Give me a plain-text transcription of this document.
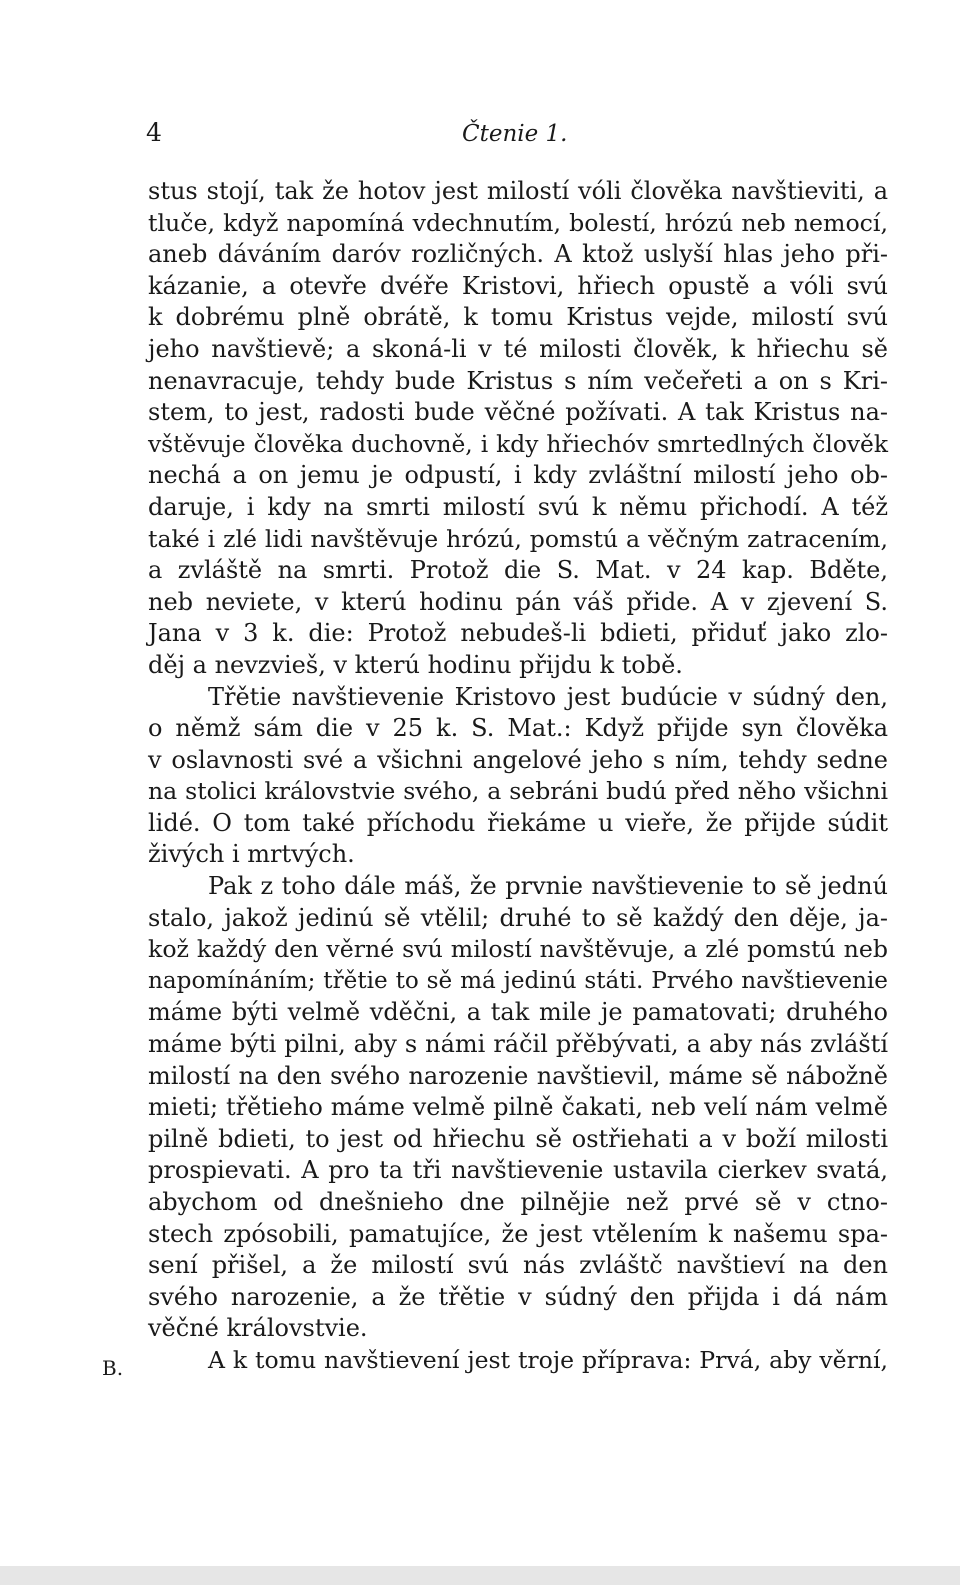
4	Čtenie 1.
B.
stus stojí, tak že hotov jest milostí vóli člověka navštieviti, a
tluče, když napomíná vdechnutím, bolestí, hrózú neb nemocí,
aneb dáváním daróv rozličných. A ktož uslyší hlas jeho při-
kázanie, a otevře dvéře Kristovi, hřiech opustě a vóli svú
k dobrému plně obrátě, k tomu Kristus vejde, milostí svú
jeho navštievě; a skoná-li v té milosti člověk, k hřiechu sě
nenavracuje, tehdy bude Kristus s ním večeřeti a on s Kri-
stem, to jest, radosti bude věčné požívati. A tak Kristus na-
vštěvuje člověka duchovně, i kdy hřiechóv smrtedlných člověk
nechá a on jemu je odpustí, i kdy zvláštní milostí jeho ob-
daruje, i kdy na smrti milostí svú k němu přichodí. A též
také i zlé lidi navštěvuje hrózú, pomstú a věčným zatracením,
a zvláště na smrti. Protož die S. Mat. v 24 kap. Bděte,
neb neviete, v kterú hodinu pán váš přide. A v zjevení S.
Jana v 3 k. die: Protož nebudeš-li bdieti, přiduť jako zlo-
děj a nevzvieš, v kterú hodinu přijdu k tobě.
Třětie navštievenie Kristovo jest budúcie v súdný den,
o němž sám die v 25 k. S. Mat.: Když přijde syn člověka
v oslavnosti své a všichni angelové jeho s ním, tehdy sedne
na stolici královstvie svého, a sebráni budú před něho všichni
lidé. O tom také příchodu řiekáme u vieře, že přijde súdit
živých i mrtvých.
Pak z toho dále máš, že prvnie navštievenie to sě jednú
stalo, jakož jedinú sě vtělil; druhé to sě každý den děje, ja-
kož každý den věrné svú milostí navštěvuje, a zlé pomstú neb
napomínáním; třětie to sě má jedinú státi. Prvého navštievenie
máme býti velmě vděčni, a tak mile je pamatovati; druhého
máme býti pilni, aby s námi ráčil přěbývati, a aby nás zvláští
milostí na den svého narozenie navštievil, máme sě nábožně
mieti; třětieho máme velmě pilně čakati, neb velí nám velmě
pilně bdieti, to jest od hřiechu sě ostřiehati a v boží milosti
prospievati. A pro ta tři navštievenie ustavila cierkev svatá,
abychom od dnešnieho dne pilnějie než prvé sě v ctno-
stech zpósobili, pamatujíce, že jest vtělením k našemu spa-
sení přišel, a že milostí svú nás zvláštč navštieví na den
svého narozenie, a že třětie v súdný den přijda i dá nám
věčné královstvie.
A k tomu navštievení jest troje příprava: Prvá, aby věrní,
